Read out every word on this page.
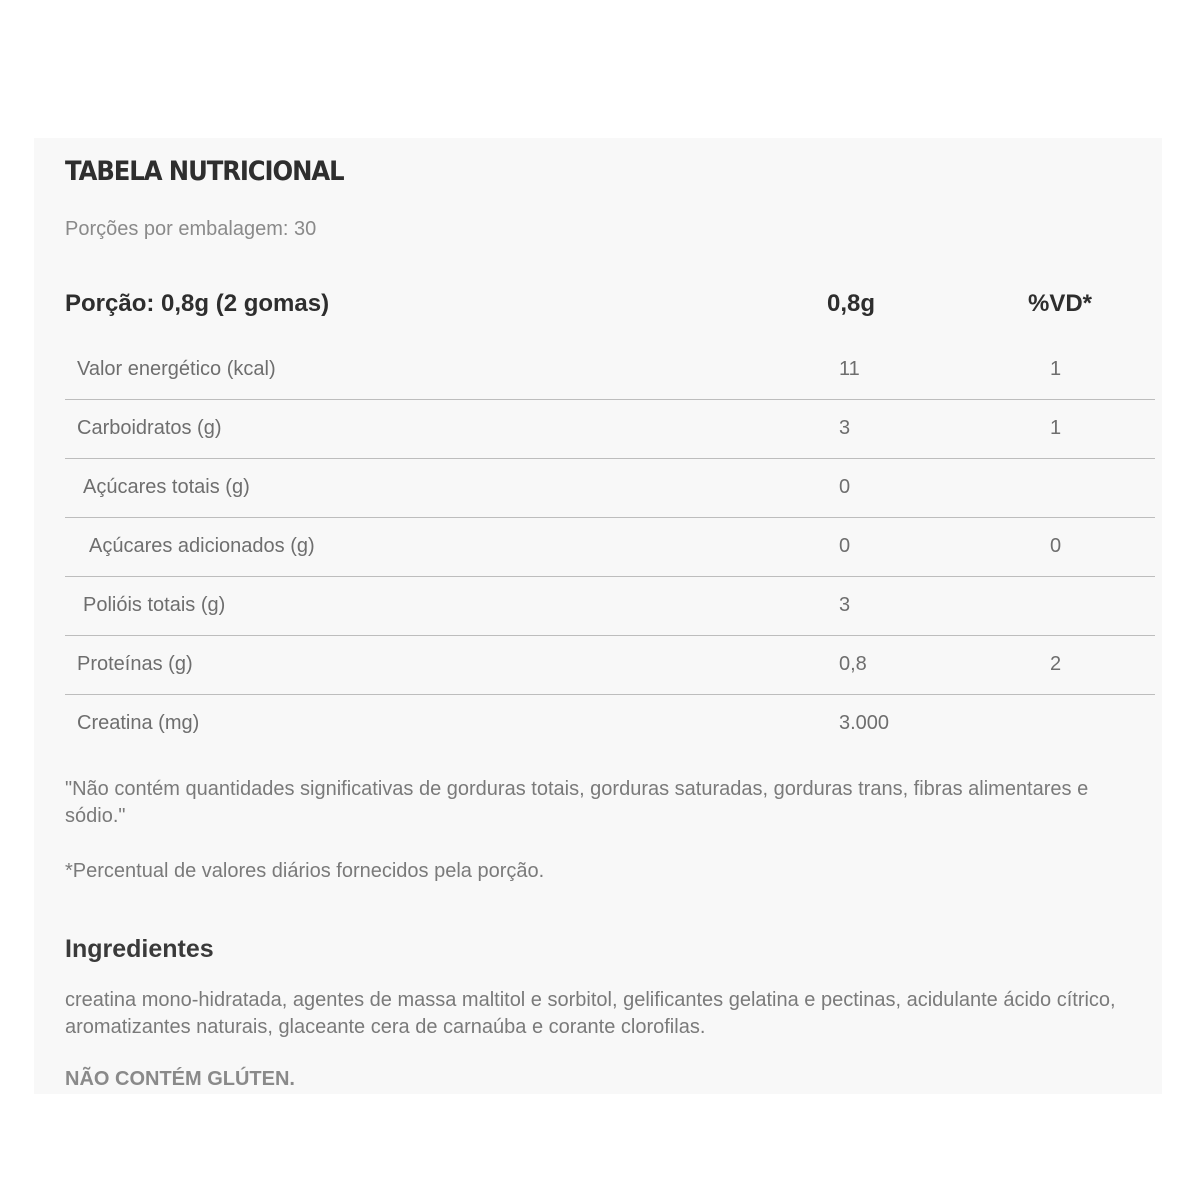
TABELA NUTRICIONAL
Porções por embalagem: 30
Porção: 0,8g (2 gomas)	0,8g	%VD*
Valor energético (kcal)	11	1
Carboidratos (g)	3	1
Açúcares totais (g)	0
Açúcares adicionados (g)	0	0
Polióis totais (g)	3
Proteínas (g)	0,8	2
Creatina (mg)	3.000

"Não contém quantidades significativas de gorduras totais, gorduras saturadas, gorduras trans, fibras alimentares e sódio."

*Percentual de valores diários fornecidos pela porção.

Ingredientes

creatina mono-hidratada, agentes de massa maltitol e sorbitol, gelificantes gelatina e pectinas, acidulante ácido cítrico, aromatizantes naturais, glaceante cera de carnaúba e corante clorofilas.

NÃO CONTÉM GLÚTEN.
